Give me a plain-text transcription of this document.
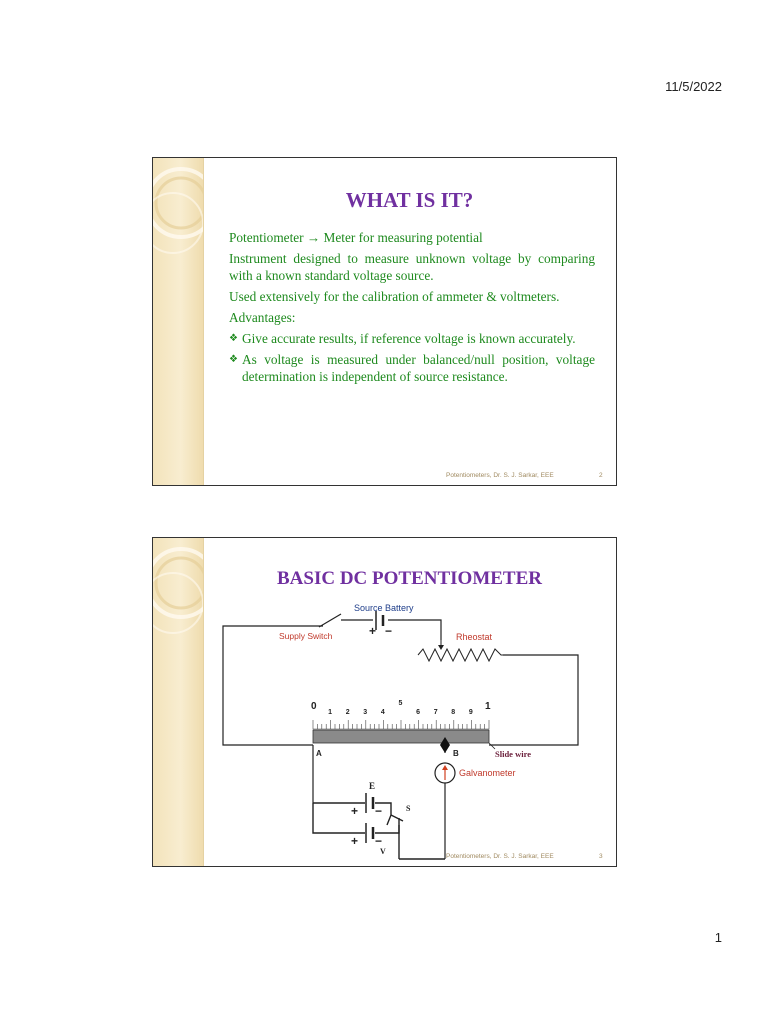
11/5/2022
WHAT IS IT?

Potentiometer → Meter for measuring potential

Instrument designed to measure unknown voltage by comparing with a known standard voltage source.

Used extensively for the calibration of ammeter & voltmeters.

Advantages:

❖ Give accurate results, if reference voltage is known accurately.
❖ As voltage is measured under balanced/null position, voltage determination is independent of source resistance.
Potentiometers, Dr. S. J. Sarkar, EEE	2
BASIC DC POTENTIOMETER
Source Battery
+ −
Supply Switch	Rheostat
0	1
1 2 3 4
5
6 7 8 9
Slide wire
A	B
Galvanometer
E
+ −	S
+ −
V
Potentiometers, Dr. S. J. Sarkar, EEE	3
1
